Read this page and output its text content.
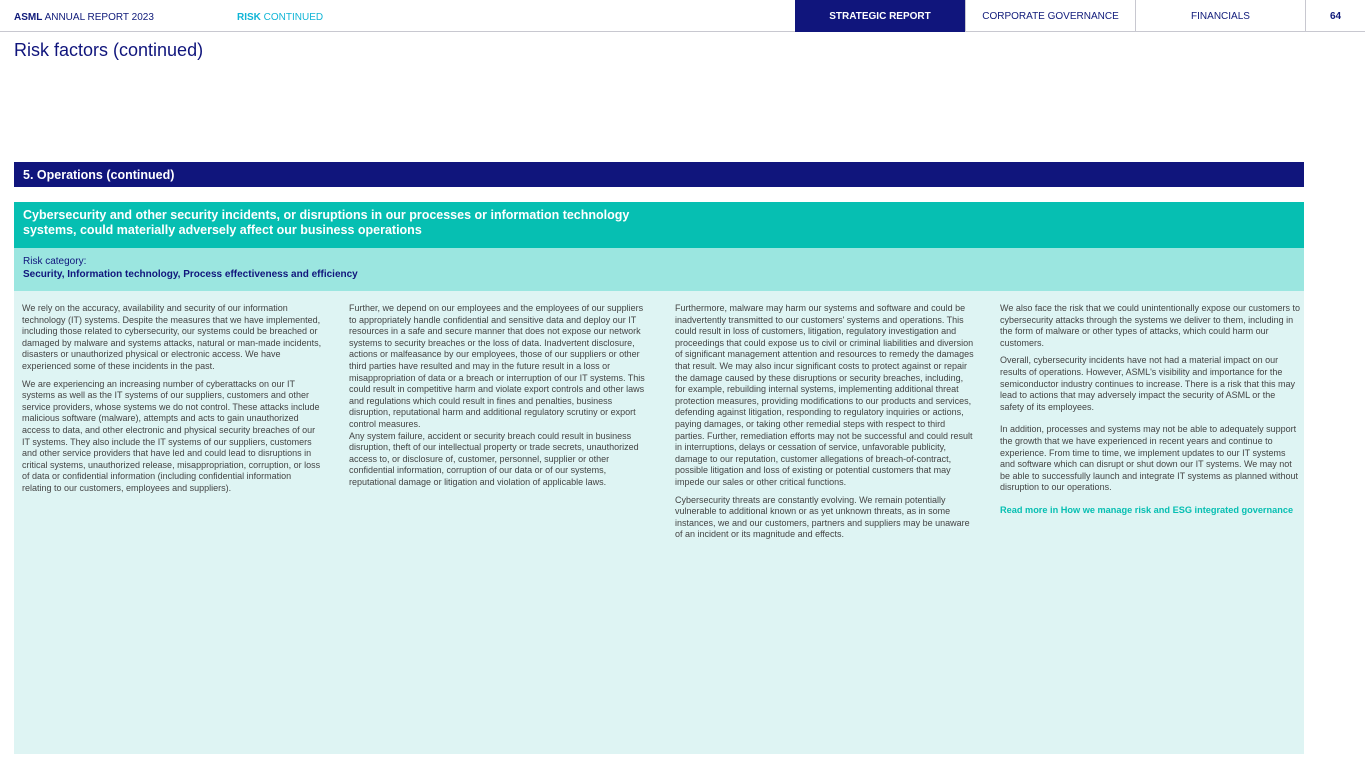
ASML ANNUAL REPORT 2023	RISK CONTINUED	STRATEGIC REPORT	CORPORATE GOVERNANCE	FINANCIALS	64
Risk factors (continued)
5. Operations (continued)
Cybersecurity and other security incidents, or disruptions in our processes or information technology
systems, could materially adversely affect our business operations
Risk category:
Security, Information technology, Process effectiveness and efficiency

We rely on the accuracy, availability and security of our information technology (IT) systems. Despite the measures that we have implemented, including those related to cybersecurity, our systems could be breached or damaged by malware and systems attacks, natural or man-made incidents, disasters or unauthorized physical or electronic access. We have experienced some of these incidents in the past.

We are experiencing an increasing number of cyberattacks on our IT systems as well as the IT systems of our suppliers, customers and other service providers, whose systems we do not control. These attacks include malicious software (malware), attempts and acts to gain unauthorized access to data, and other electronic and physical security breaches of our IT systems. They also include the IT systems of our suppliers, customers and other service providers that have led and could lead to disruptions in critical systems, unauthorized release, misappropriation, corruption, or loss of data or confidential information (including confidential information relating to our customers, employees and suppliers).

Further, we depend on our employees and the employees of our suppliers to appropriately handle confidential and sensitive data and deploy our IT resources in a safe and secure manner that does not expose our network systems to security breaches or the loss of data. Inadvertent disclosure, actions or malfeasance by our employees, those of our suppliers or other third parties have resulted and may in the future result in a loss or misappropriation of data or a breach or interruption of our IT systems. This could result in competitive harm and violate export controls and other laws and regulations which could result in fines and penalties, business disruption, reputational harm and additional regulatory scrutiny or export control measures.

Any system failure, accident or security breach could result in business disruption, theft of our intellectual property or trade secrets, unauthorized access to, or disclosure of, customer, personnel, supplier or other confidential information, corruption of our data or of our systems, reputational damage or litigation and violation of applicable laws.

Furthermore, malware may harm our systems and software and could be inadvertently transmitted to our customers' systems and operations. This could result in loss of customers, litigation, regulatory investigation and proceedings that could expose us to civil or criminal liabilities and diversion of significant management attention and resources to remedy the damages that result. We may also incur significant costs to protect against or repair the damage caused by these disruptions or security breaches, including, for example, rebuilding internal systems, implementing additional threat protection measures, providing modifications to our products and services, defending against litigation, responding to regulatory inquiries or actions, paying damages, or taking other remedial steps with respect to third parties. Further, remediation efforts may not be successful and could result in interruptions, delays or cessation of service, unfavorable publicity, damage to our reputation, customer allegations of breach-of-contract, possible litigation and loss of existing or potential customers that may impede our sales or other critical functions.

Cybersecurity threats are constantly evolving. We remain potentially vulnerable to additional known or as yet unknown threats, as in some instances, we and our customers, partners and suppliers may be unaware of an incident or its magnitude and effects.

We also face the risk that we could unintentionally expose our customers to cybersecurity attacks through the systems we deliver to them, including in the form of malware or other types of attacks, which could harm our customers.

Overall, cybersecurity incidents have not had a material impact on our results of operations. However, ASML's visibility and importance for the semiconductor industry continues to increase. There is a risk that this may lead to actions that may adversely impact the security of ASML or the safety of its employees.

In addition, processes and systems may not be able to adequately support the growth that we have experienced in recent years and continue to experience. From time to time, we implement updates to our IT systems and software which can disrupt or shut down our IT systems. We may not be able to successfully launch and integrate IT systems as planned without disruption to our operations.

Read more in How we manage risk and ESG integrated governance
